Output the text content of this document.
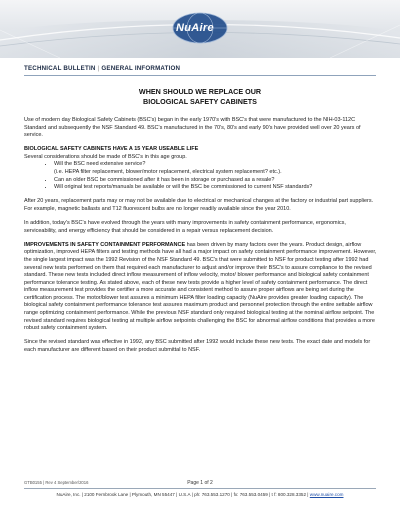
NuAire
TECHNICAL BULLETIN | GENERAL INFORMATION
WHEN SHOULD WE REPLACE OUR
BIOLOGICAL SAFETY CABINETS

Use of modern day Biological Safety Cabinets (BSC's) began in the early 1970's with BSC's that were manufactured to the NIH-03-112C Standard and subsequently the NSF Standard 49. BSC's manufactured in the 70's, 80's and early 90's have provided well over 20 years of service.

BIOLOGICAL SAFETY CABINETS HAVE A 15 YEAR USEABLE LIFE
Several considerations should be made of BSC's in this age group.
• Will the BSC need extensive service?
(i.e. HEPA filter replacement, blower/motor replacement, electrical system replacement? etc.).
• Can an older BSC be commissioned after it has been in storage or purchased as a resale?
• Will original test reports/manuals be available or will the BSC be commissioned to current NSF standards?

After 20 years, replacement parts may or may not be available due to electrical or mechanical changes at the factory or industrial part suppliers. For example, magnetic ballasts and T12 fluorescent bulbs are no longer readily available since the year 2010.

In addition, today's BSC's have evolved through the years with many improvements in safety containment performance, ergonomics, serviceability, and energy efficiency that should be considered in a repair versus replacement decision.

IMPROVEMENTS IN SAFETY CONTAINMENT PERFORMANCE has been driven by many factors over the years. Product design, airflow optimization, improved HEPA filters and testing methods have all had a major impact on safety containment performance improvement. However, the single largest impact was the 1992 Revision of the NSF Standard 49. BSC's that were submitted to NSF for product testing after 1992 had several new tests performed on them that required each manufacturer to adjust and/or improve their BSC's to assure compliance to the revised standard. These new tests included direct inflow measurement of inflow velocity, motor/ blower performance and biological safety containment performance tolerance testing. As stated above, each of these new tests provide a higher level of safety containment performance. The direct inflow measurement test provides the certifier a more accurate and consistent method to assure proper airflows are being set during the certification process. The motor/blower test assures a minimum HEPA filter loading capacity (NuAire provides greater loading capacity). The biological safety containment performance tolerance test assures maximum product and personnel protection through the entire settable airflow range optimizing containment performance. While the previous NSF standard only required biological testing at the nominal airflow setpoint. The revised standard requires biological testing at multiple airflow setpoints challenging the BSC for abnormal airflow conditions that provides a more robust safety containment system.

Since the revised standard was effective in 1992, any BSC submitted after 1992 would include these new tests. The exact date and models for each manufacturer are different based on their product submittal to NSF.

GTB0155 | Rev 4 September/2016	Page 1 of 2
NuAire, Inc. | 2100 Fernbrook Lane | Plymouth, MN 55447 | U.S.A | ph: 763.553.1270 | fx: 763.553.0459 | t f: 800.328.3352 | www.nuaire.com
